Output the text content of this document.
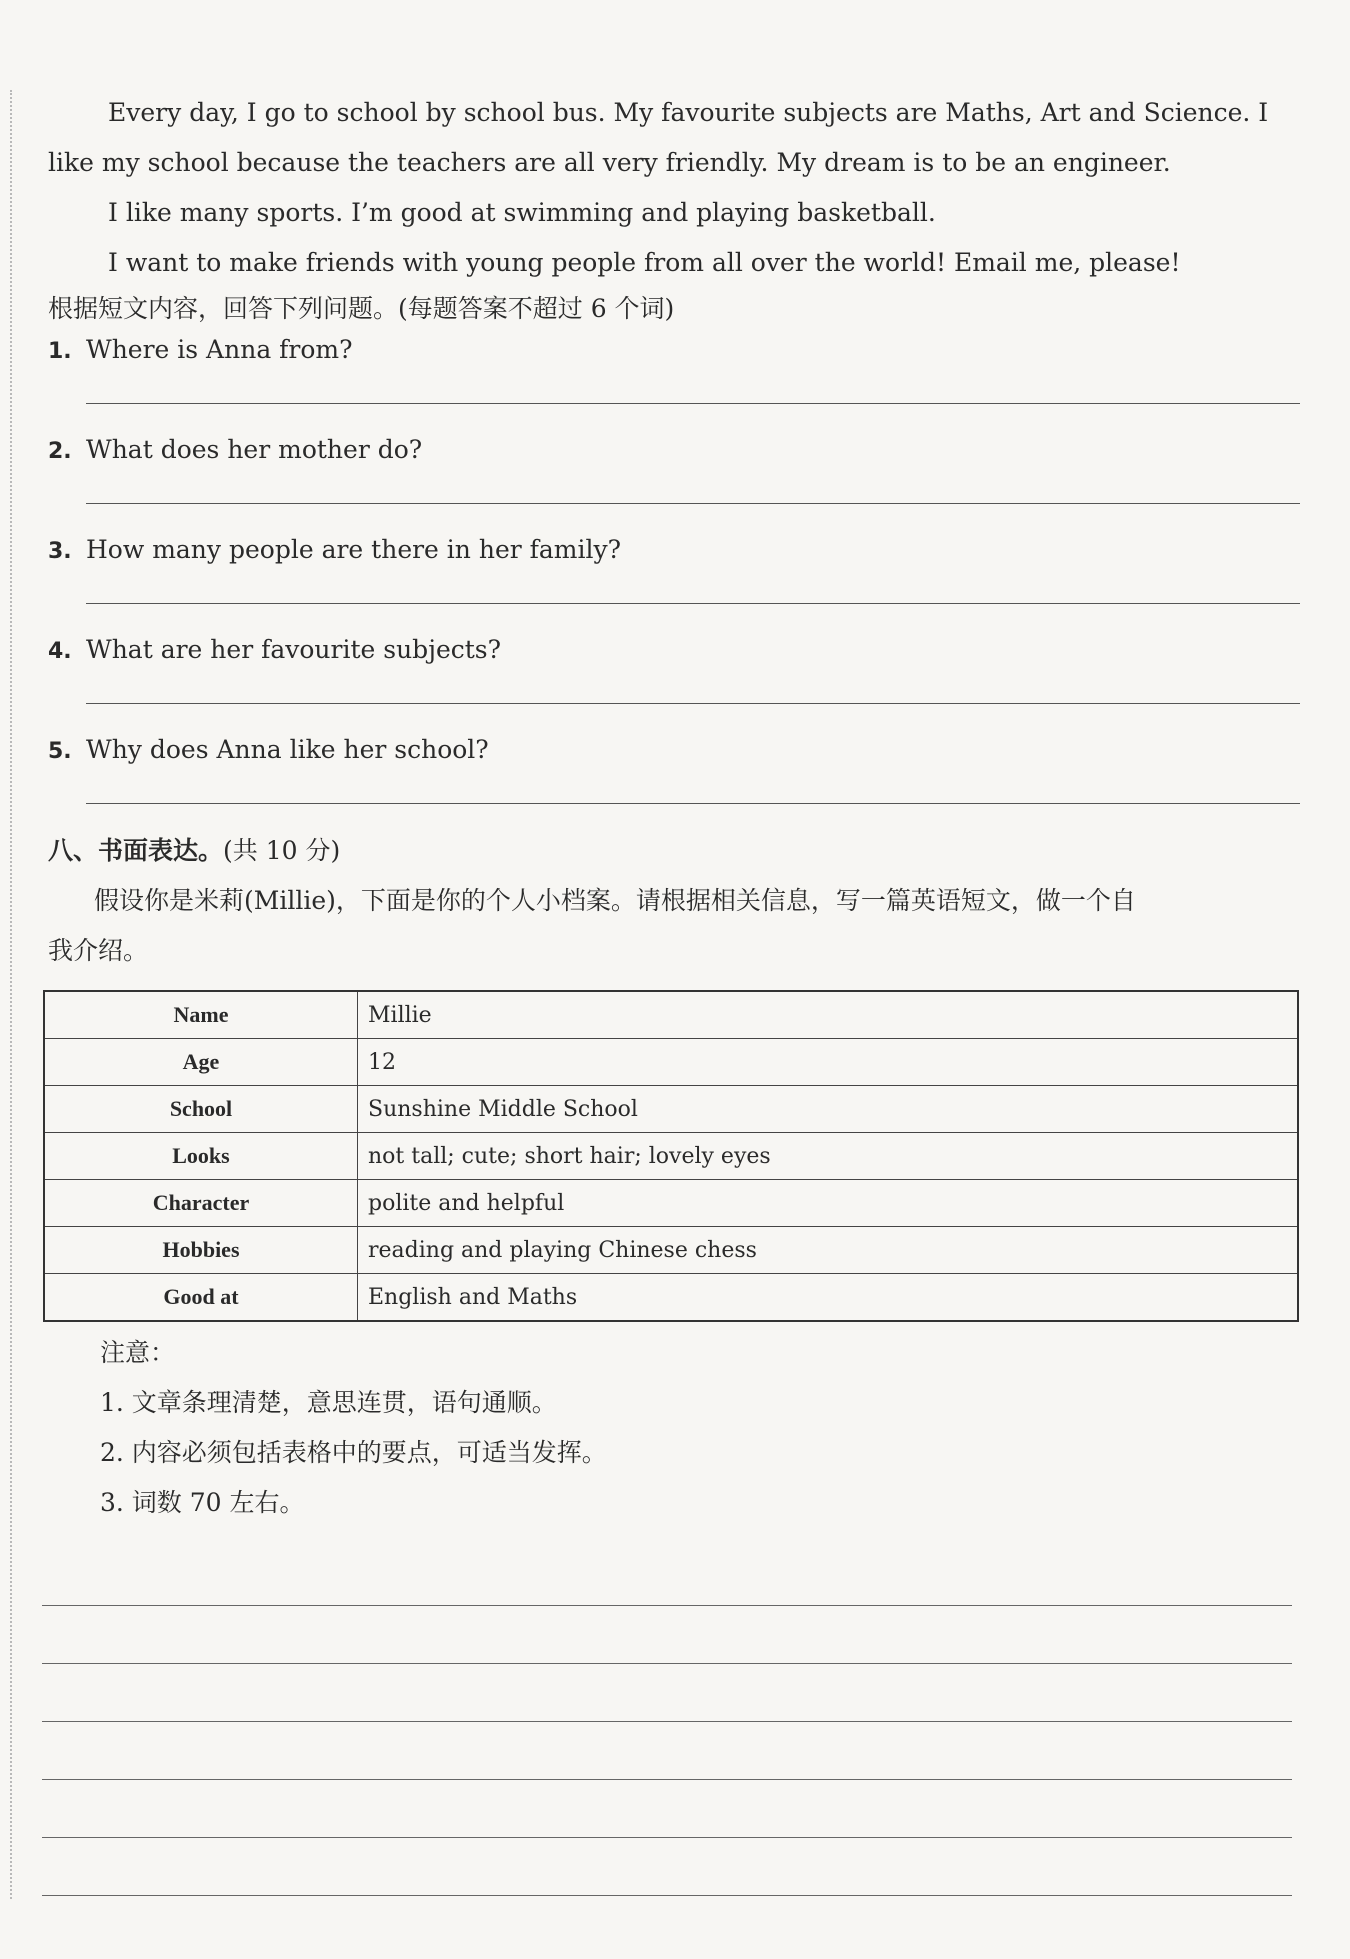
Every day, I go to school by school bus. My favourite subjects are Maths, Art and Science. I

like my school because the teachers are all very friendly. My dream is to be an engineer.

I like many sports. I’m good at swimming and playing basketball.

I want to make friends with young people from all over the world! Email me, please!

根据短文内容，回答下列问题。(每题答案不超过 6 个词)

1. Where is Anna from?

2. What does her mother do?

3. How many people are there in her family?

4. What are her favourite subjects?

5. Why does Anna like her school?

八、书面表达。(共 10 分)

假设你是米莉(Millie)，下面是你的个人小档案。请根据相关信息，写一篇英语短文，做一个自

我介绍。

Name	Millie
Age	12
School	Sunshine Middle School
Looks	not tall; cute; short hair; lovely eyes
Character	polite and helpful
Hobbies	reading and playing Chinese chess
Good at	English and Maths

注意：

1. 文章条理清楚，意思连贯，语句通顺。

2. 内容必须包括表格中的要点，可适当发挥。

3. 词数 70 左右。
